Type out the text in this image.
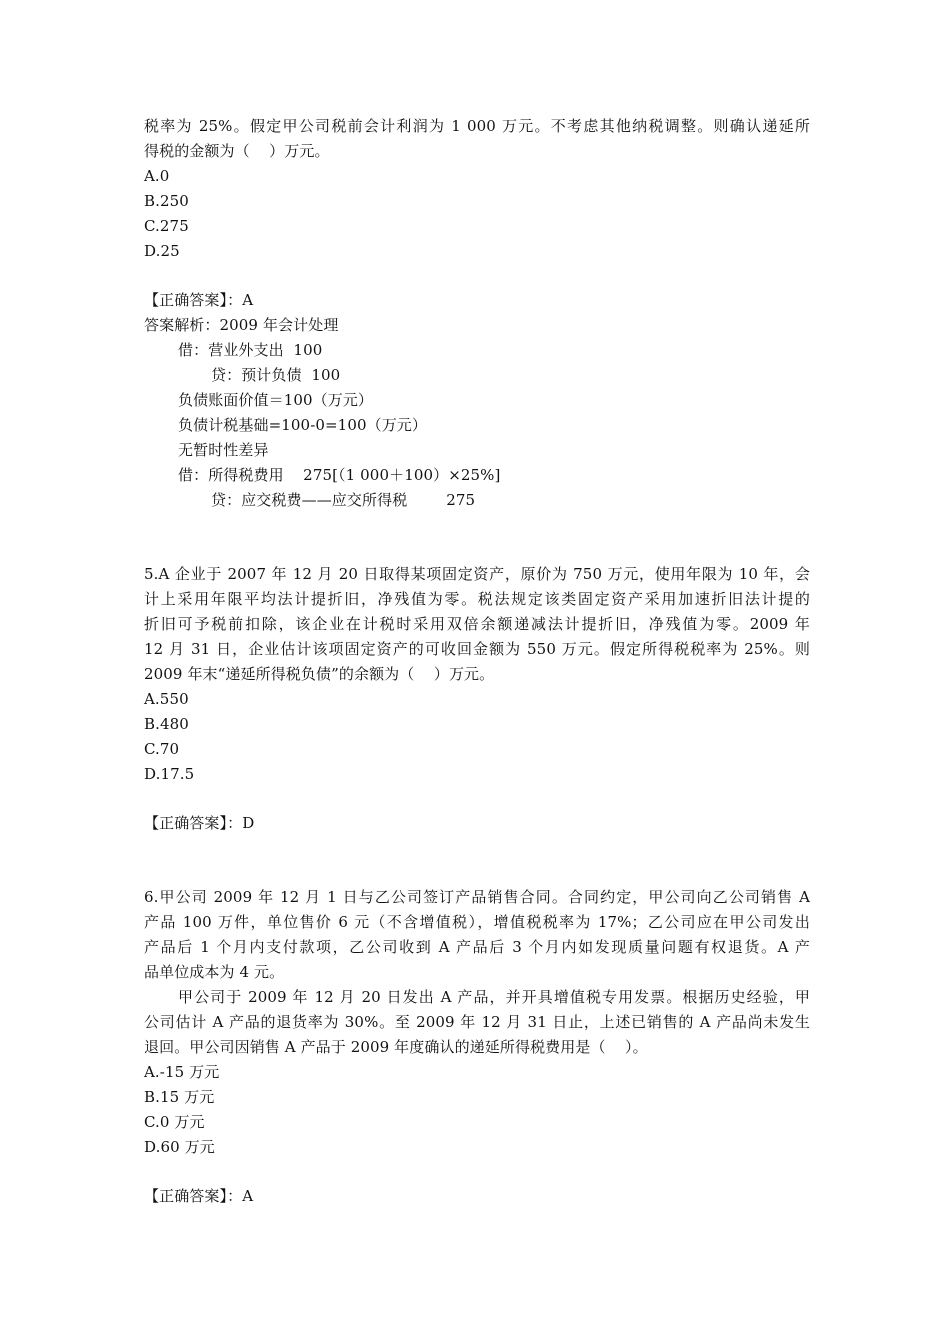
税率为 25%。假定甲公司税前会计利润为 1 000 万元。不考虑其他纳税调整。则确认递延所
得税的金额为（    ）万元。
A.0
B.250
C.275
D.25
【正确答案】：A
答案解析：2009 年会计处理
借：营业外支出  100
贷：预计负债  100
负债账面价值＝100（万元）
负债计税基础=100-0=100（万元）
无暂时性差异
借：所得税费用    275[（1 000＋100）×25%]
贷：应交税费——应交所得税        275
5.A 企业于 2007 年 12 月 20 日取得某项固定资产，原价为 750 万元，使用年限为 10 年，会
计上采用年限平均法计提折旧，净残值为零。税法规定该类固定资产采用加速折旧法计提的
折旧可予税前扣除，该企业在计税时采用双倍余额递减法计提折旧，净残值为零。2009 年
12 月 31 日，企业估计该项固定资产的可收回金额为 550 万元。假定所得税税率为 25%。则
2009 年末“递延所得税负债”的余额为（    ）万元。
A.550
B.480
C.70
D.17.5
【正确答案】：D
6.甲公司 2009 年 12 月 1 日与乙公司签订产品销售合同。合同约定，甲公司向乙公司销售 A
产品 100 万件，单位售价 6 元（不含增值税），增值税税率为 17%；乙公司应在甲公司发出
产品后 1 个月内支付款项，乙公司收到 A 产品后 3 个月内如发现质量问题有权退货。A 产
品单位成本为 4 元。
甲公司于 2009 年 12 月 20 日发出 A 产品，并开具增值税专用发票。根据历史经验，甲
公司估计 A 产品的退货率为 30%。至 2009 年 12 月 31 日止，上述已销售的 A 产品尚未发生
退回。甲公司因销售 A 产品于 2009 年度确认的递延所得税费用是（    ）。
A.-15 万元
B.15 万元
C.0 万元
D.60 万元
【正确答案】：A
